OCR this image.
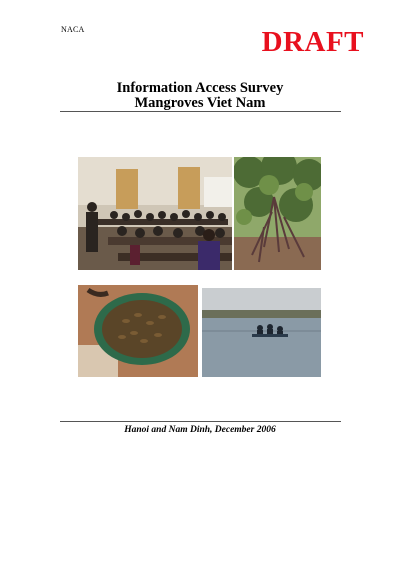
NACA	DRAFT
Information Access Survey
Mangroves Viet Nam
Hanoi and Nam Dinh, December 2006
